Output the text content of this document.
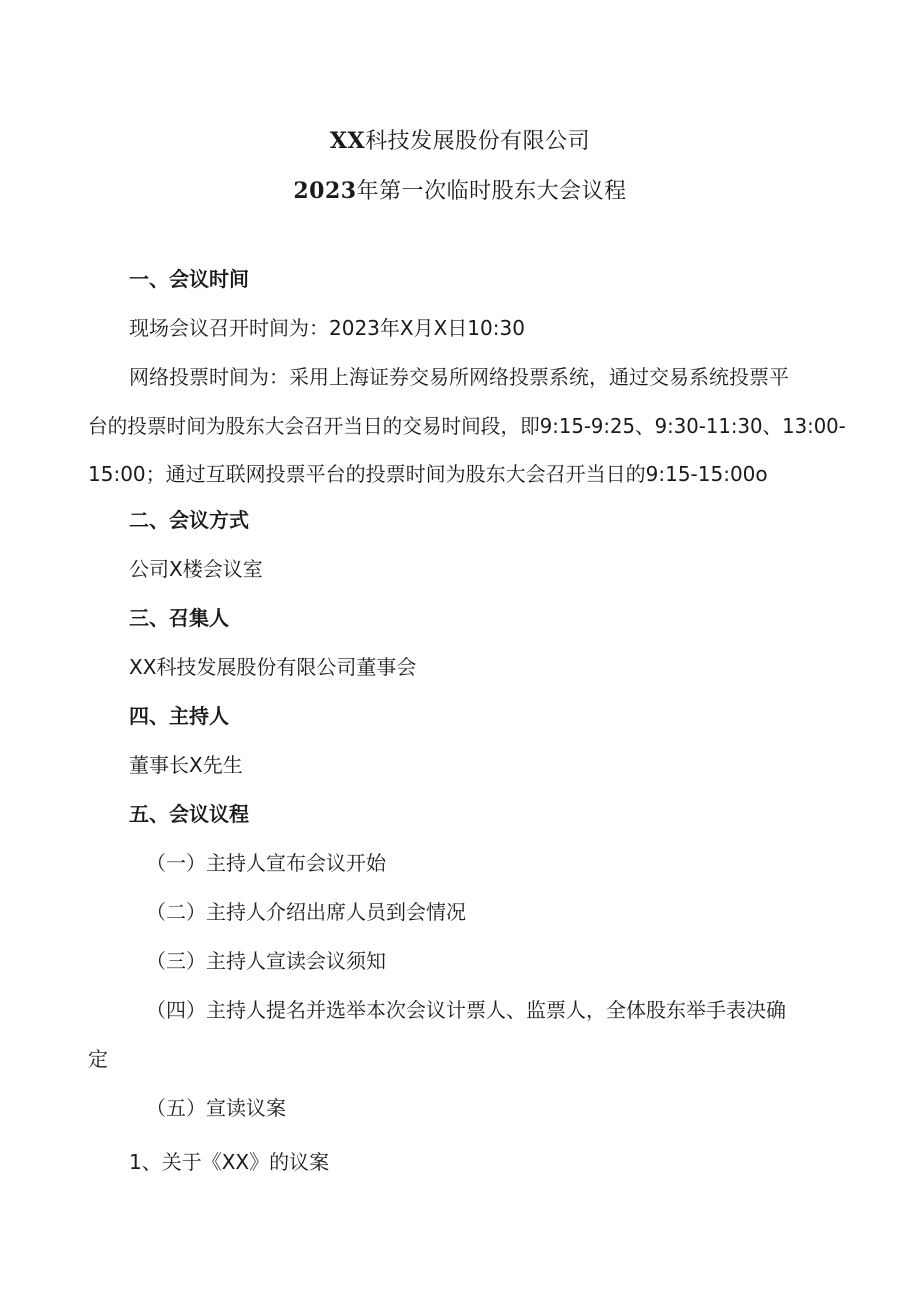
XX科技发展股份有限公司
2023年第一次临时股东大会议程
一、会议时间
现场会议召开时间为：2023年X月X日10:30
网络投票时间为：采用上海证券交易所网络投票系统，通过交易系统投票平
台的投票时间为股东大会召开当日的交易时间段，即9:15-9:25、9:30-11:30、13:00-
15:00；通过互联网投票平台的投票时间为股东大会召开当日的9:15-15:00o
二、会议方式
公司X楼会议室
三、召集人
XX科技发展股份有限公司董事会
四、主持人
董事长X先生
五、会议议程
（一）主持人宣布会议开始
（二）主持人介绍出席人员到会情况
（三）主持人宣读会议须知
（四）主持人提名并选举本次会议计票人、监票人，全体股东举手表决确
定
（五）宣读议案
1、关于《XX》的议案
